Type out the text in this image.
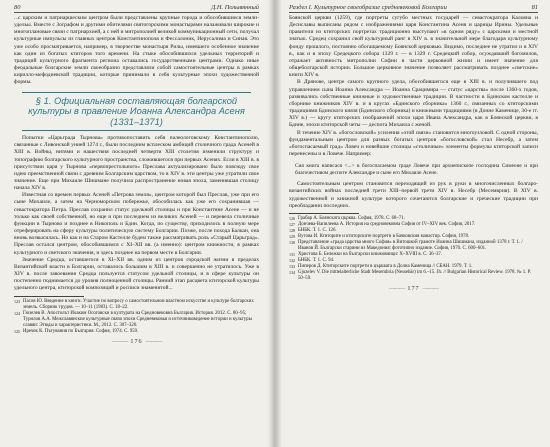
80	Д.Н. Полывянный

...с царским и патриаршеским центром были представлены крупные города и обособившиеся земли-удельы. Вместе с Зографом и другими обителями святогорскими монастырями налаживали широкие и многоплановые связи с патриархией, а с ней и митрополией великой коммуникационный сети, получал культурные импульсы из главных центров Константинополя и Фессалоник, Иерусалима и Синая. Это уже особо просматривается, например, в творчестве монастыря Рилы, имевшего особенное значение как один из богатых ктиторов того времени. На стыке обособившихся удельных территорий и традиций культурного фрагмента региона оставались государственными центрами. Однако иные феодальные болгарские земли своеобразно представляли собой самостоятельные центры в рамках кирилло-мефодиевской традиции, которые принимали в себя культурные эпохи художественной формы.

§ 1. Официальная составляющая болгарской культуры в правление Иоанна Александра Асеня (1331–1371)

Попытки «Царьграда Тырнова» противопоставить себя палеологовскому Константинополю, связанные с Ливонской унией 1274 г., были последним всплеском амбиций столичного града Асеней в XIII в. Войны, нитями и нашествия последней четверти XIII столетия изменили структуру и топографию болгарского культурного пространства, сложившегося при первых Асенях. Если в XIII в. в присутствии царя у Тырнова «первопрестольного» Преслава актуализировано было повсюду свое идею преемственной связи с древним Болгарским царством, то в XIV в. эти центры уже утратили свое значение. Еще при Михаиле Шишмане получила распространение новая эпоха, заменившая столицу начала XIV в.

Известная со времен первых Асеней «Петрова земля», центром которой был Преслав, уже при его сыне Михаиле, а затем на Черноморском побережье, обособилась как уже его сохранившая — севастократора Петра. Преслав сохранил статус удельной столицы и при Константине Асене — и не только как своей собственной, но еще и при последнем из великих Асеней — и перевела столичные функции в Тырново и позднее в Никополь и Бдин. Когда, по существу, приходилось в полную мере отреферировать на сферу культуры политическую систему Болгарии. Позже, после похода Балкан, она вновь возвысилась. Но как и на Старом Кастелле будем также рассматривать роль «Старый Царьград». Преслав остался центром, обособившимся с XI–XII вв. (а именно): центром книжности, в рамках культурного и светского значения, и здесь позднее на первом месте в Болгарии.

Значение Средца, оставшегося в XI–XII вв. одним из центров городской жизни в пределах Византийской власти в Болгарии, оставалось большим в XIII в. и совершенно не утратилось. Уже в XIV в. после завоевания Средца пользуется статусом удельной столицы, и в сфере культуры он постепенно поднимается до уровня полноценной столицы. Ранний этап расцвета ктиторской культуры удельного центра, ктиторской композиций и росписи знаменитой...

123 Пасов Ю. Введение в книги. Участие по вопросу о самостоятельном властном искусстве и культуре болгарских земель. Сборник трудов. — 10–11 (1983). С. 18–22.

124 Гюзелев В. Апостолът Иоаким Осоговски в културата на Средновековна България. История. 2012. С. 80–95; Турилов А.А. Межславянские культурные связи эпохи Средневековья и источниковедение истории и культуры славян: Этюды и характеристики. М., 2012. С. 307–320.

125 Иречек К. Пътувания по България. София, 1974. С. 959.

——— 176 ———
Раздел I. Культурное своеобразие средневековой Болгарии	81

Боянской церкви (1259), где портреты сугубо местных государей — севастократора Калояна и Десиславы выписаны рядом с изображениями царя Константина Асеня и царицы Ирины. Удельные правители из ктиторских портретах традиционно выступают «в одном ряду» с царскими и местной знатью. Средец сохранил свой культурный ранг в XIV в. в значительной мере благодаря культурному фонду прошлого, постоянно обогащаемому Боянской церковью. Видимо, последнее не утратил и в XIV в., как и в эпоху Средецкого собора 1329 г. — в 1329 г. Средецкий собор, осуждавший богомилов, отражает активность митрополии Софии в части церковной жизни и имеет значение для общеболгарской истории. Большое церковное значение позволяет рассматривать позднее «светские» книги XIV в.

В Дрянове, центре самого крупного удела, обособившегося еще в XIII в. и получившего под управлением сына Иоанна Александра — Иоанна Срацимира — статус «царства» после 1360-х годов, развивались собственные книжные и художественные традиции. В частности в Бдинском кастелле и сборнике книжников XIV в. и в кругах «Бдинского сборника» 1360 г., связанных со ктиторскими традициями Бдинского князя (Бдинского сборника) и книжными традициями (в Донне Каменице, 30-е гг. XIV в.) — кругу ктиторских изображений эпохи царя Ивана Александра, как в Боянской церкви, в Бдине, эпохи ктиторской четы — деспота Михаила с женой.

В течение XIV в. «богословской» усиления «этой связи» становится многоузловой. С одной стороны, фундаментальным центром для разных богатых центров «богословской» стал Несебр, а затем «богоспасаемый град» Ловеч и новейшие столицы «столичные» элементы формулы ктиторской записи перенесены и в Ловече. Например:

Сия книга написася <...> в богоспасаемом граде Ловече при архиепископе господина Симеоне и при благочестивом деспоте Александре и сыне его Михаиле Асене.

Самостоятельным центром становится переходящий из рук в руки в многочисленных болгаро-византийских войнах последней трети XIII–первой трети XIV в. Несебр (Месемврия). В XIV в. художественной и книжной культуре которого сочетаются болгарские и греческие традиции при преобладании последних.

126 Грабар А. Боянската църква. София, 1978. С. 68–71.

127 Дончева-Вапилеева А. История на средновековна София от IV–XIV век. София, 2017.

128 БНБК. Т. 1. С. 126.

129 Вутова И. Ктиторите и ктиторските портрети в Бачковския манастир. София, 1978.

130 Представление «града царства много София» в Витошкой грамоте Иоанна Шишмана, изданной 1378 г. Т. 1. / Иванов Й. Български старини из Македония: фототипно издание. София, 1970. С. 600–601.

131 Христова Б. Бележки на български книжовници: X–XVIII в. С. 36–37.

132 БНБК. Т. 1. С. 94.

133 Пиперов Д. Ктиторските портрети в църквата в Долна Каменица // СБАН. 1979. Т. 1.

134 Gjuzelev V. Die mittelalterliche Stadt Mesembria (Nessebär) im 6.–15. Jh. // Bulgarian Historical Review. 1978. № 1. P. 50–59.

——— 177 ———
